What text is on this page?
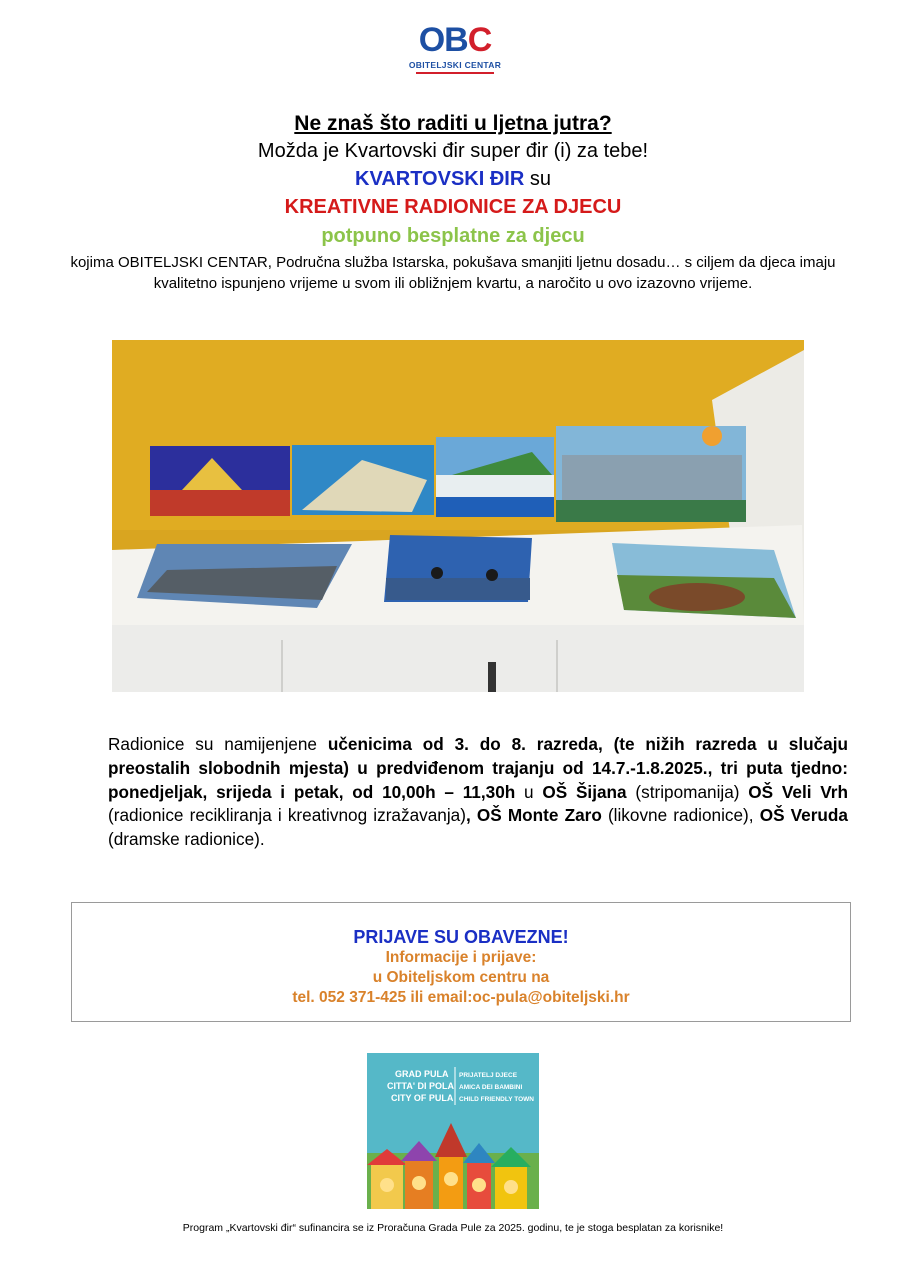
OBC
OBITELJSKI CENTAR
Ne znaš što raditi u ljetna jutra?
Možda je Kvartovski đir super đir (i) za tebe!
KVARTOVSKI ĐIR su
KREATIVNE RADIONICE ZA DJECU
potpuno besplatne za djecu
kojima OBITELJSKI CENTAR, Područna služba Istarska, pokušava smanjiti ljetnu dosadu… s ciljem da djeca imaju kvalitetno ispunjeno vrijeme u svom ili obližnjem kvartu, a naročito u ovo izazovno vrijeme.
Radionice su namijenjene učenicima od 3. do 8. razreda, (te nižih razreda u slučaju preostalih slobodnih mjesta) u predviđenom trajanju od 14.7.-1.8.2025., tri puta tjedno: ponedjeljak, srijeda i petak, od 10,00h – 11,30h u OŠ Šijana (stripomanija) OŠ Veli Vrh (radionice recikliranja i kreativnog izražavanja), OŠ Monte Zaro (likovne radionice), OŠ Veruda (dramske radionice).
PRIJAVE SU OBAVEZNE!
Informacije i prijave:
u Obiteljskom centru na
tel. 052 371-425 ili email:oc-pula@obiteljski.hr
GRAD PULA
CITTA' DI POLA
CITY OF PULA
PRIJATELJ DJECE
AMICA DEI BAMBINI
CHILD FRIENDLY TOWN
Program „Kvartovski đir“ sufinancira se iz Proračuna Grada Pule za 2025. godinu, te je stoga besplatan za korisnike!
